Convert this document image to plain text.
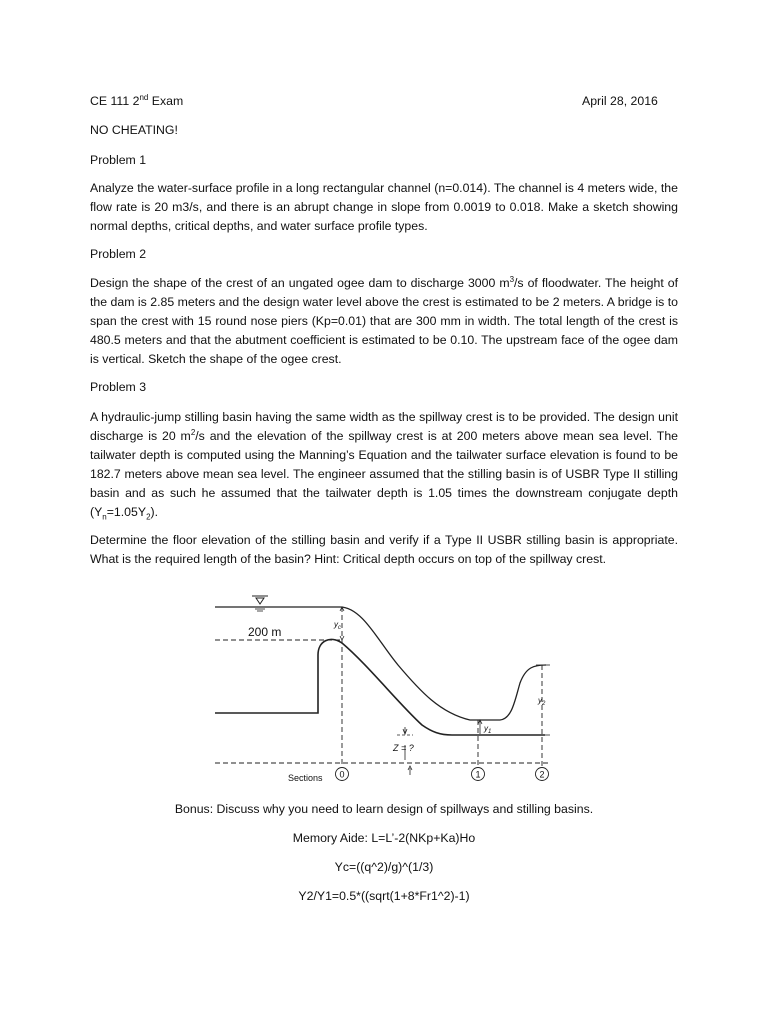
CE 111 2nd Exam	April 28, 2016
NO CHEATING!
Problem 1
Analyze the water-surface profile in a long rectangular channel (n=0.014). The channel is 4 meters wide, the flow rate is 20 m3/s, and there is an abrupt change in slope from 0.0019 to 0.018. Make a sketch showing normal depths, critical depths, and water surface profile types.
Problem 2
Design the shape of the crest of an ungated ogee dam to discharge 3000 $m^3/s$ of floodwater. The height of the dam is 2.85 meters and the design water level above the crest is estimated to be 2 meters. A bridge is to span the crest with 15 round nose piers (Kp=0.01) that are 300 mm in width. The total length of the crest is 480.5 meters and that the abutment coefficient is estimated to be 0.10. The upstream face of the ogee dam is vertical. Sketch the shape of the ogee crest.
Problem 3
A hydraulic-jump stilling basin having the same width as the spillway crest is to be provided. The design unit discharge is 20 $m^2/s$ and the elevation of the spillway crest is at 200 meters above mean sea level. The tailwater depth is computed using the Manning’s Equation and the tailwater surface elevation is found to be 182.7 meters above mean sea level. The engineer assumed that the stilling basin is of USBR Type II stilling basin and as such he assumed that the tailwater depth is 1.05 times the downstream conjugate depth $(Y_n=1.05Y_2)$.
Determine the floor elevation of the stilling basin and verify if a Type II USBR stilling basin is appropriate. What is the required length of the basin? Hint: Critical depth occurs on top of the spillway crest.
200 m
$y_c$
$y_1$
$y_2$
Z = ?
Sections 0	1	2
Bonus: Discuss why you need to learn design of spillways and stilling basins.
Memory Aide: L=L’-2(NKp+Ka)Ho
Yc=((q^2)/g)^(1/3)
Y2/Y1=0.5*((sqrt(1+8*Fr1^2)-1)
